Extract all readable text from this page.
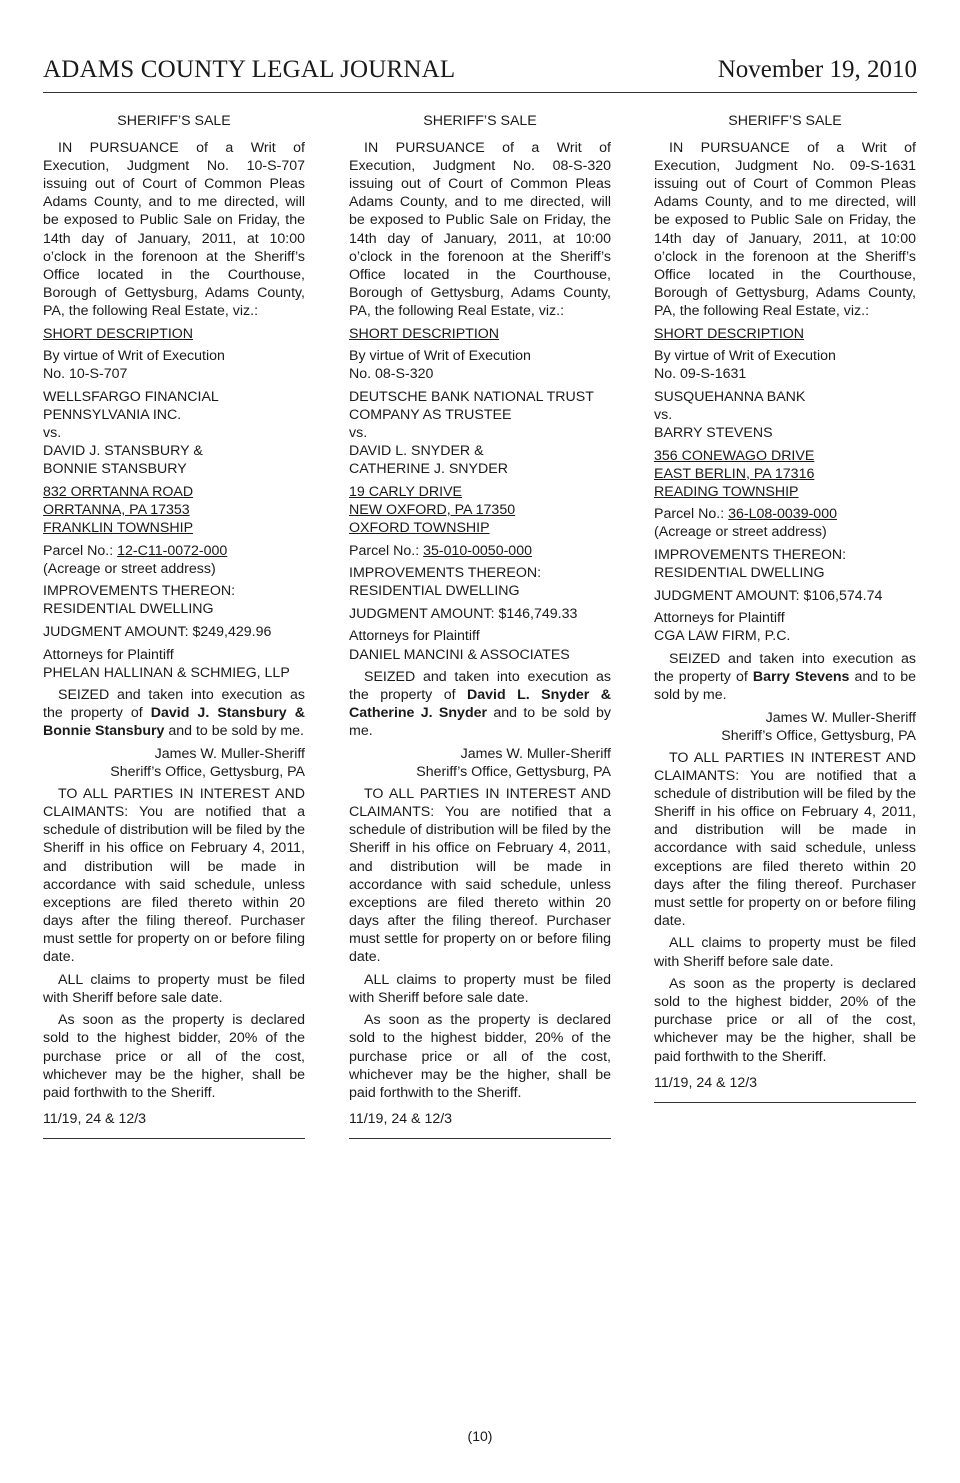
ADAMS COUNTY LEGAL JOURNAL	November 19, 2010

SHERIFF’S SALE

IN PURSUANCE of a Writ of Execution, Judgment No. 10-S-707 issuing out of Court of Common Pleas Adams County, and to me directed, will be exposed to Public Sale on Friday, the 14th day of January, 2011, at 10:00 o’clock in the forenoon at the Sheriff’s Office located in the Courthouse, Borough of Gettysburg, Adams County, PA, the following Real Estate, viz.:

SHORT DESCRIPTION

By virtue of Writ of Execution
No. 10-S-707

WELLSFARGO FINANCIAL
PENNSYLVANIA INC.
vs.
DAVID J. STANSBURY &
BONNIE STANSBURY

832 ORRTANNA ROAD
ORRTANNA, PA 17353
FRANKLIN TOWNSHIP

Parcel No.: 12-C11-0072-000
(Acreage or street address)

IMPROVEMENTS THEREON:
RESIDENTIAL DWELLING

JUDGMENT AMOUNT: $249,429.96

Attorneys for Plaintiff
PHELAN HALLINAN & SCHMIEG, LLP

SEIZED and taken into execution as the property of David J. Stansbury & Bonnie Stansbury and to be sold by me.

James W. Muller-Sheriff
Sheriff’s Office, Gettysburg, PA

TO ALL PARTIES IN INTEREST AND CLAIMANTS: You are notified that a schedule of distribution will be filed by the Sheriff in his office on February 4, 2011, and distribution will be made in accordance with said schedule, unless exceptions are filed thereto within 20 days after the filing thereof. Purchaser must settle for property on or before filing date.

ALL claims to property must be filed with Sheriff before sale date.

As soon as the property is declared sold to the highest bidder, 20% of the purchase price or all of the cost, whichever may be the higher, shall be paid forthwith to the Sheriff.

11/19, 24 & 12/3

SHERIFF’S SALE

IN PURSUANCE of a Writ of Execution, Judgment No. 08-S-320 issuing out of Court of Common Pleas Adams County, and to me directed, will be exposed to Public Sale on Friday, the 14th day of January, 2011, at 10:00 o’clock in the forenoon at the Sheriff’s Office located in the Courthouse, Borough of Gettysburg, Adams County, PA, the following Real Estate, viz.:

SHORT DESCRIPTION

By virtue of Writ of Execution
No. 08-S-320

DEUTSCHE BANK NATIONAL TRUST
COMPANY AS TRUSTEE
vs.
DAVID L. SNYDER &
CATHERINE J. SNYDER

19 CARLY DRIVE
NEW OXFORD, PA 17350
OXFORD TOWNSHIP

Parcel No.: 35-010-0050-000

IMPROVEMENTS THEREON:
RESIDENTIAL DWELLING

JUDGMENT AMOUNT: $146,749.33

Attorneys for Plaintiff
DANIEL MANCINI & ASSOCIATES

SEIZED and taken into execution as the property of David L. Snyder & Catherine J. Snyder and to be sold by me.

James W. Muller-Sheriff
Sheriff’s Office, Gettysburg, PA

TO ALL PARTIES IN INTEREST AND CLAIMANTS: You are notified that a schedule of distribution will be filed by the Sheriff in his office on February 4, 2011, and distribution will be made in accordance with said schedule, unless exceptions are filed thereto within 20 days after the filing thereof. Purchaser must settle for property on or before filing date.

ALL claims to property must be filed with Sheriff before sale date.

As soon as the property is declared sold to the highest bidder, 20% of the purchase price or all of the cost, whichever may be the higher, shall be paid forthwith to the Sheriff.

11/19, 24 & 12/3

SHERIFF’S SALE

IN PURSUANCE of a Writ of Execution, Judgment No. 09-S-1631 issuing out of Court of Common Pleas Adams County, and to me directed, will be exposed to Public Sale on Friday, the 14th day of January, 2011, at 10:00 o’clock in the forenoon at the Sheriff’s Office located in the Courthouse, Borough of Gettysburg, Adams County, PA, the following Real Estate, viz.:

SHORT DESCRIPTION

By virtue of Writ of Execution
No. 09-S-1631

SUSQUEHANNA BANK
vs.
BARRY STEVENS

356 CONEWAGO DRIVE
EAST BERLIN, PA 17316
READING TOWNSHIP

Parcel No.: 36-L08-0039-000
(Acreage or street address)

IMPROVEMENTS THEREON:
RESIDENTIAL DWELLING

JUDGMENT AMOUNT: $106,574.74

Attorneys for Plaintiff
CGA LAW FIRM, P.C.

SEIZED and taken into execution as the property of Barry Stevens and to be sold by me.

James W. Muller-Sheriff
Sheriff’s Office, Gettysburg, PA

TO ALL PARTIES IN INTEREST AND CLAIMANTS: You are notified that a schedule of distribution will be filed by the Sheriff in his office on February 4, 2011, and distribution will be made in accordance with said schedule, unless exceptions are filed thereto within 20 days after the filing thereof. Purchaser must settle for property on or before filing date.

ALL claims to property must be filed with Sheriff before sale date.

As soon as the property is declared sold to the highest bidder, 20% of the purchase price or all of the cost, whichever may be the higher, shall be paid forthwith to the Sheriff.

11/19, 24 & 12/3

(10)
